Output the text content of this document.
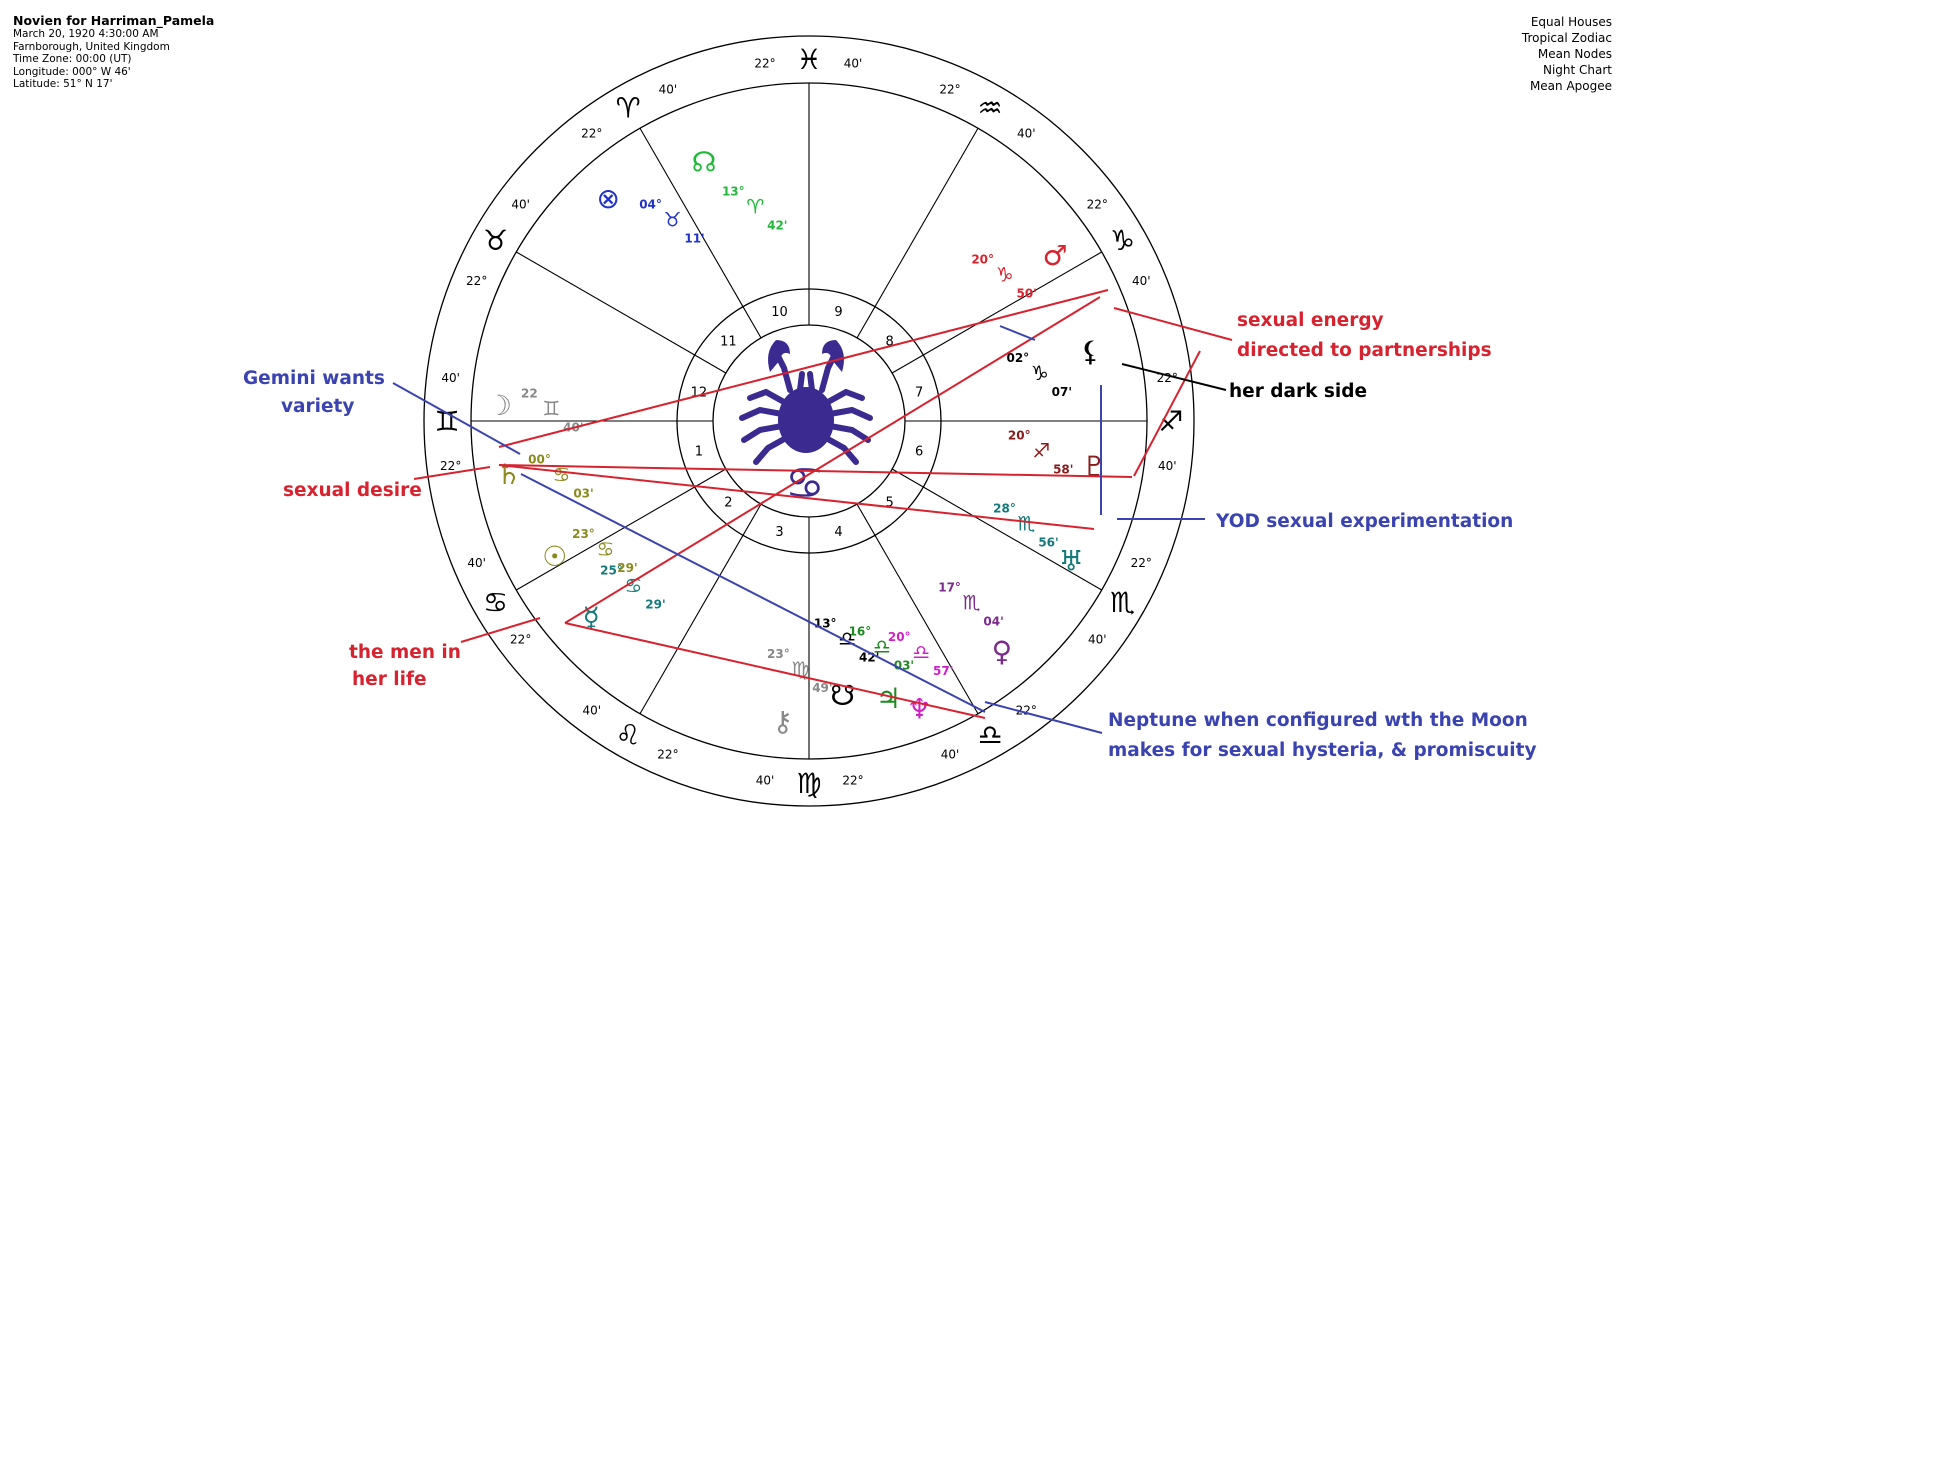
Novien for Harriman_Pamela
March 20, 1920 4:30:00 AM
Farnborough, United Kingdom
Time Zone: 00:00 (UT)
Longitude: 000° W 46'
Latitude: 51° N 17'
Equal Houses
Tropical Zodiac
Mean Nodes
Night Chart
Mean Apogee
♓
22°	40'
♒
22°
40'
♑
22°
40'
♐
22°
40'
♏
22°
40'
♎
22°
40'
♍ 22°
40'
♌
22°
40'
♋
22°
40'
♊
22°
40'
♉
22°
40'
♈
22°
40'
1
2
3	4
5
6
7
8
9
10
11
12
♋
☊
13°
♈
42'
⊗ 04°
♉
11'
♂
20°
♑
50'
⚸
02°
♑
07'
♇
20°
♐
58'
♅
28°
♏
56'
♀
17°
♏
04'
♆
20°
♎
57'
♃
16°
♎
03'
☋
13°
♎
42'
⚷
23°
♍
49'
☿
25°
♋
29'
☉
23°
♋
29'
♄ 00°
♋
03'
☽ 22
♊
40'
Gemini wants
variety
sexual desire
the men in
her life
sexual energy
directed to partnerships
her dark side
YOD sexual experimentation
Neptune when configured wth the Moon
makes for sexual hysteria, & promiscuity
